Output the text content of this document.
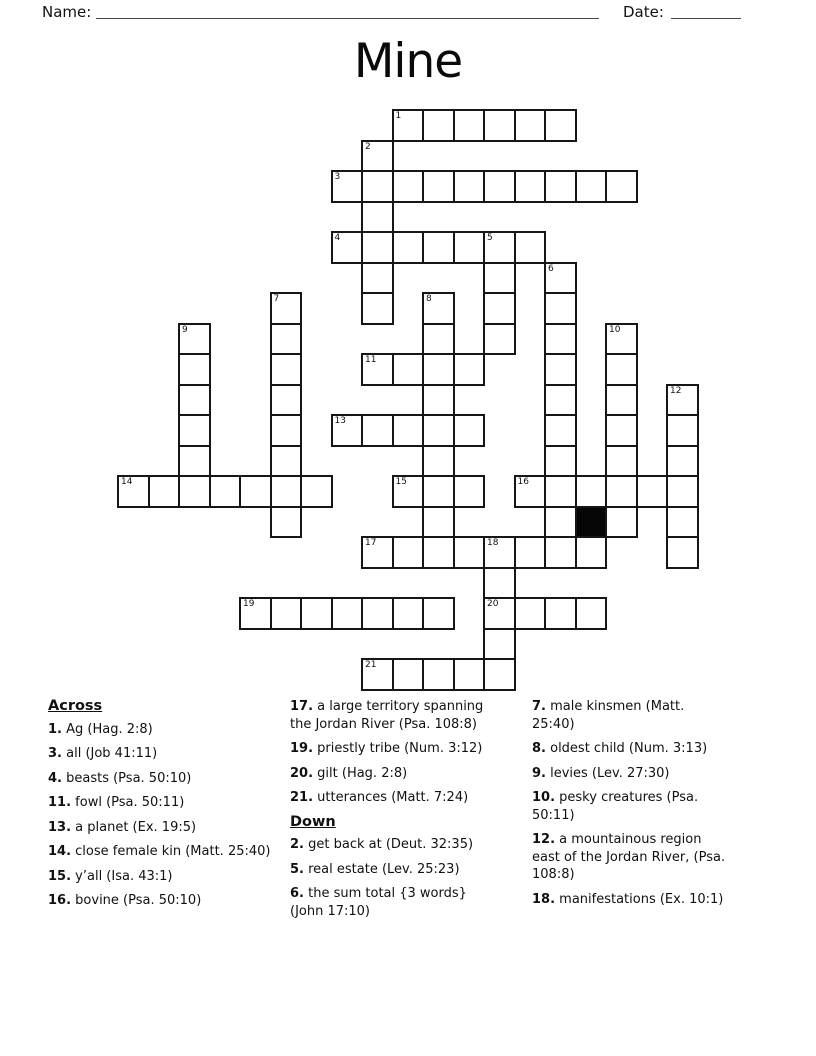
Name:	Date:
Mine
1
3
4	5
11
13
14	15	16
17	18
19	20
21
2
6
7	8
9	10
12
Across
1. Ag (Hag. 2:8)
3. all (Job 41:11)
4. beasts (Psa. 50:10)
11. fowl (Psa. 50:11)
13. a planet (Ex. 19:5)
14. close female kin (Matt. 25:40)
15. y’all (Isa. 43:1)
16. bovine (Psa. 50:10)
17. a large territory spanning the Jordan River (Psa. 108:8)
19. priestly tribe (Num. 3:12)
20. gilt (Hag. 2:8)
21. utterances (Matt. 7:24)
Down
2. get back at (Deut. 32:35)
5. real estate (Lev. 25:23)
6. the sum total {3 words} (John 17:10)
7. male kinsmen (Matt. 25:40)
8. oldest child (Num. 3:13)
9. levies (Lev. 27:30)
10. pesky creatures (Psa. 50:11)
12. a mountainous region east of the Jordan River, (Psa. 108:8)
18. manifestations (Ex. 10:1)
